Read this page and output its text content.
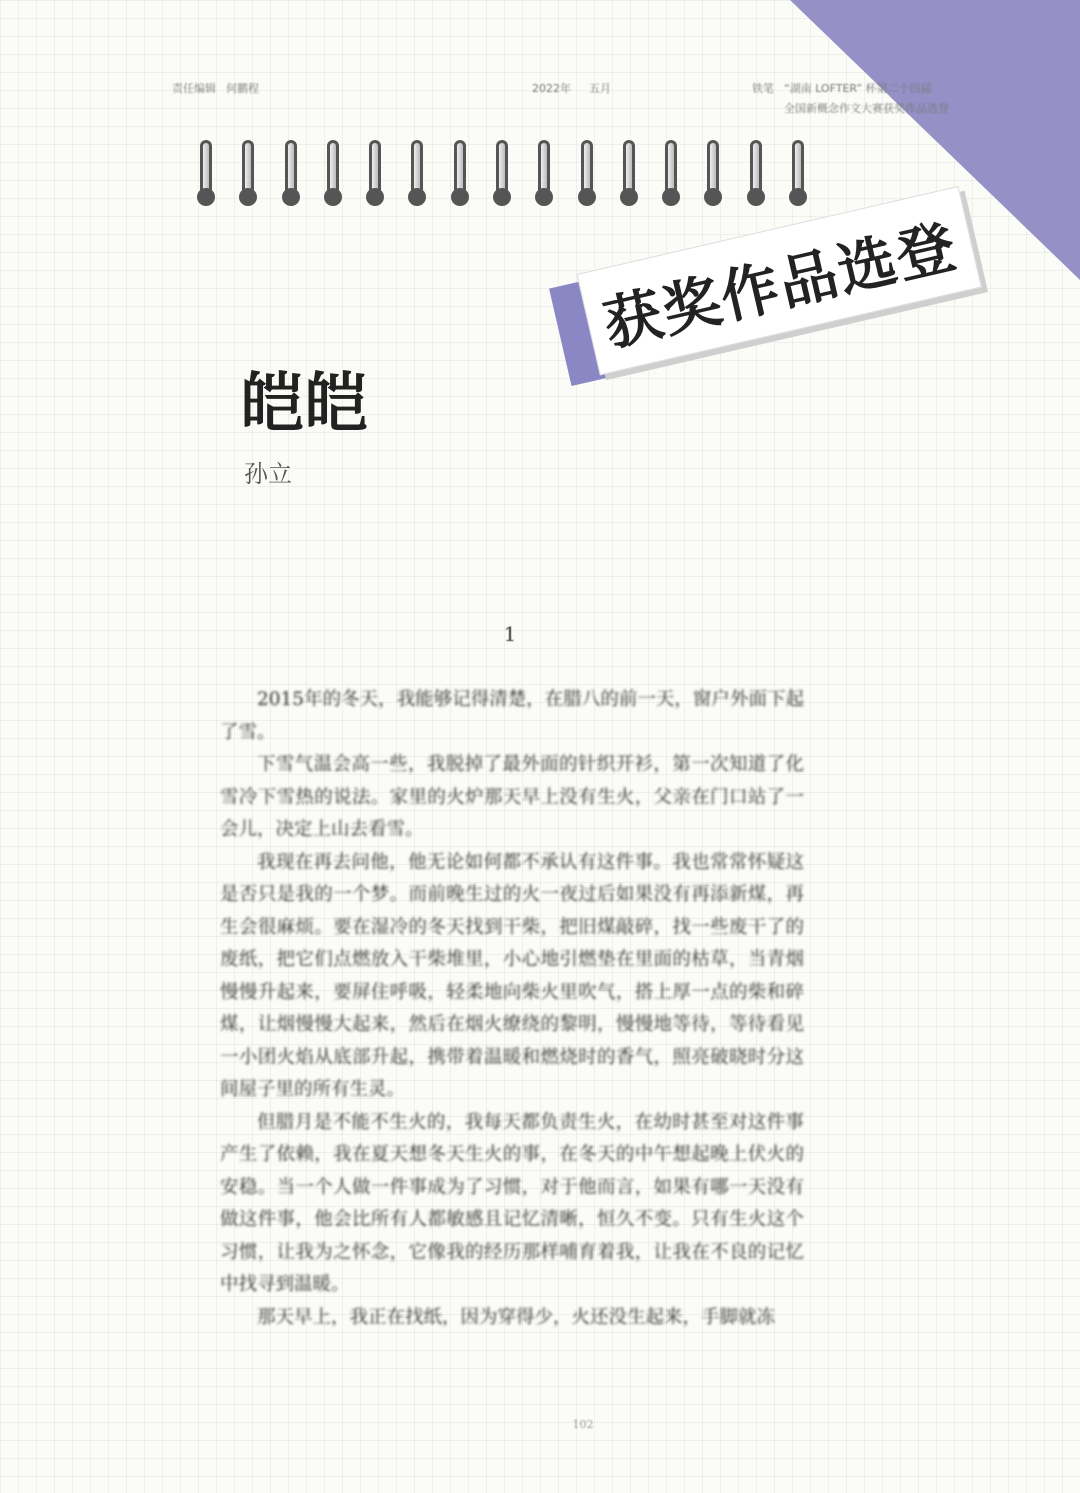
责任编辑 何鹏程	2022年 五月	铁笔 “湖南 LOFTER” 杯第二十四届
全国新概念作文大赛获奖作品选登
获奖作品选登
皑皑
孙立
1

2015年的冬天，我能够记得清楚，在腊八的前一天，窗户外面下起了雪。

下雪气温会高一些，我脱掉了最外面的针织开衫，第一次知道了化雪冷下雪热的说法。家里的火炉那天早上没有生火，父亲在门口站了一会儿，决定上山去看雪。

我现在再去问他，他无论如何都不承认有这件事。我也常常怀疑这是否只是我的一个梦。而前晚生过的火一夜过后如果没有再添新煤，再生会很麻烦。要在湿冷的冬天找到干柴，把旧煤敲碎，找一些废干了的废纸，把它们点燃放入干柴堆里，小心地引燃垫在里面的枯草，当青烟慢慢升起来，要屏住呼吸，轻柔地向柴火里吹气，搭上厚一点的柴和碎煤，让烟慢慢大起来，然后在烟火缭绕的黎明，慢慢地等待，等待看见一小团火焰从底部升起，携带着温暖和燃烧时的香气，照亮破晓时分这间屋子里的所有生灵。

但腊月是不能不生火的，我每天都负责生火，在幼时甚至对这件事产生了依赖，我在夏天想冬天生火的事，在冬天的中午想起晚上伏火的安稳。当一个人做一件事成为了习惯，对于他而言，如果有哪一天没有做这件事，他会比所有人都敏感且记忆清晰，恒久不变。只有生火这个习惯，让我为之怀念，它像我的经历那样哺育着我，让我在不良的记忆中找寻到温暖。

那天早上，我正在找纸，因为穿得少，火还没生起来，手脚就冻

102
